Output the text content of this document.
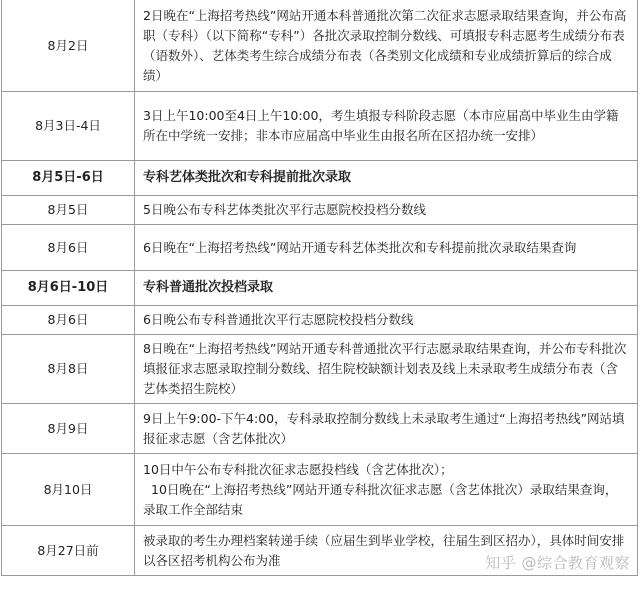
8月2日	2日晚在“上海招考热线”网站开通本科普通批次第二次征求志愿录取结果查询，并公布高职（专科）（以下简称“专科”）各批次录取控制分数线、可填报专科志愿考生成绩分布表（语数外）、艺体类考生综合成绩分布表（各类别文化成绩和专业成绩折算后的综合成绩）
8月3日-4日	3日上午10:00至4日上午10:00，考生填报专科阶段志愿（本市应届高中毕业生由学籍所在中学统一安排；非本市应届高中毕业生由报名所在区招办统一安排）
8月5日-6日	专科艺体类批次和专科提前批次录取
8月5日	5日晚公布专科艺体类批次平行志愿院校投档分数线
8月6日	6日晚在“上海招考热线”网站开通专科艺体类批次和专科提前批次录取结果查询
8月6日-10日	专科普通批次投档录取
8月6日	6日晚公布专科普通批次平行志愿院校投档分数线
8月8日	8日晚在“上海招考热线”网站开通专科普通批次平行志愿录取结果查询，并公布专科批次填报征求志愿录取控制分数线、招生院校缺额计划表及线上未录取考生成绩分布表（含艺体类招生院校）
8月9日	9日上午9:00-下午4:00，专科录取控制分数线上未录取考生通过“上海招考热线”网站填报征求志愿（含艺体批次）
8月10日	10日中午公布专科批次征求志愿投档线（含艺体批次）；
10日晚在“上海招考热线”网站开通专科批次征求志愿（含艺体批次）录取结果查询，录取工作全部结束

8月27日前	被录取的考生办理档案转递手续（应届生到毕业学校，往届生到区招办），具体时间安排以各区招考机构公布为准	知乎 @综合教育观察
